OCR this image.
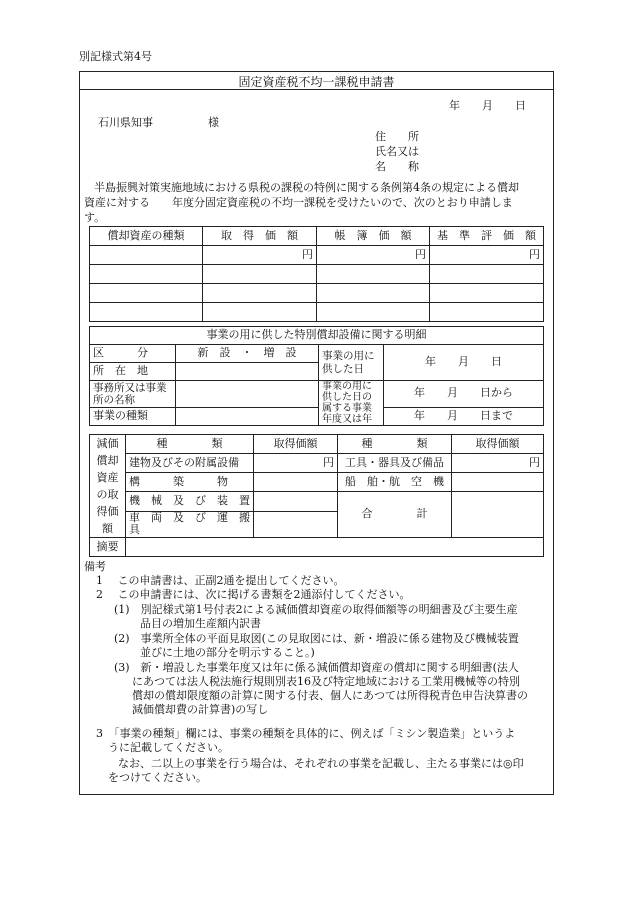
別記様式第4号
固定資産税不均一課税申請書
年　　月　　日
石川県知事　　　　　様
住　　所
氏名又は
名　　称
半島振興対策実施地域における県税の課税の特例に関する条例第4条の規定による償却
資産に対する　　年度分固定資産税の不均一課税を受けたいので、次のとおり申請しま
す。
償却資産の種類	取　得　価　額	帳　簿　価　額	基　準　評　価　額
	円	円	円

事業の用に供した特別償却設備に関する明細			
区　　　分	新　設　・　増　設	事業の用に供した日	年　　月　　日
所　在　地			
事務所又は事業所の名称		事業の用に供した日の属する事業年度又は年	年　　月　　日から
事業の種類			年　　月　　日まで
減価償却資産の取得価額	種　　　　類	取得価額	種　　　　類	取得価額
	建物及びその附属設備	円	工具・器具及び備品	円
	構　　　築　　　物		船　舶・航　空　機	
	機　械　及　び　装　置		合　　　　計	
	車　両　及　び　運　搬　具			
摘要				
備考
1　 この申請書は、正副2通を提出してください。
2　 この申請書には、次に掲げる書類を2通添付してください。
(1)　別記様式第1号付表2による減価償却資産の取得価額等の明細書及び主要生産
品目の増加生産額内訳書
(2)　事業所全体の平面見取図(この見取図には、新・増設に係る建物及び機械装置
並びに土地の部分を明示すること。)
(3)　新・増設した事業年度又は年に係る減価償却資産の償却に関する明細書(法人
にあつては法人税法施行規則別表16及び特定地域における工業用機械等の特別
償却の償却限度額の計算に関する付表、個人にあつては所得税青色申告決算書の
減価償却費の計算書)の写し
3　「事業の種類」欄には、事業の種類を具体的に、例えば「ミシン製造業」というよ
うに記載してください。
なお、二以上の事業を行う場合は、それぞれの事業を記載し、主たる事業には◎印
をつけてください。
